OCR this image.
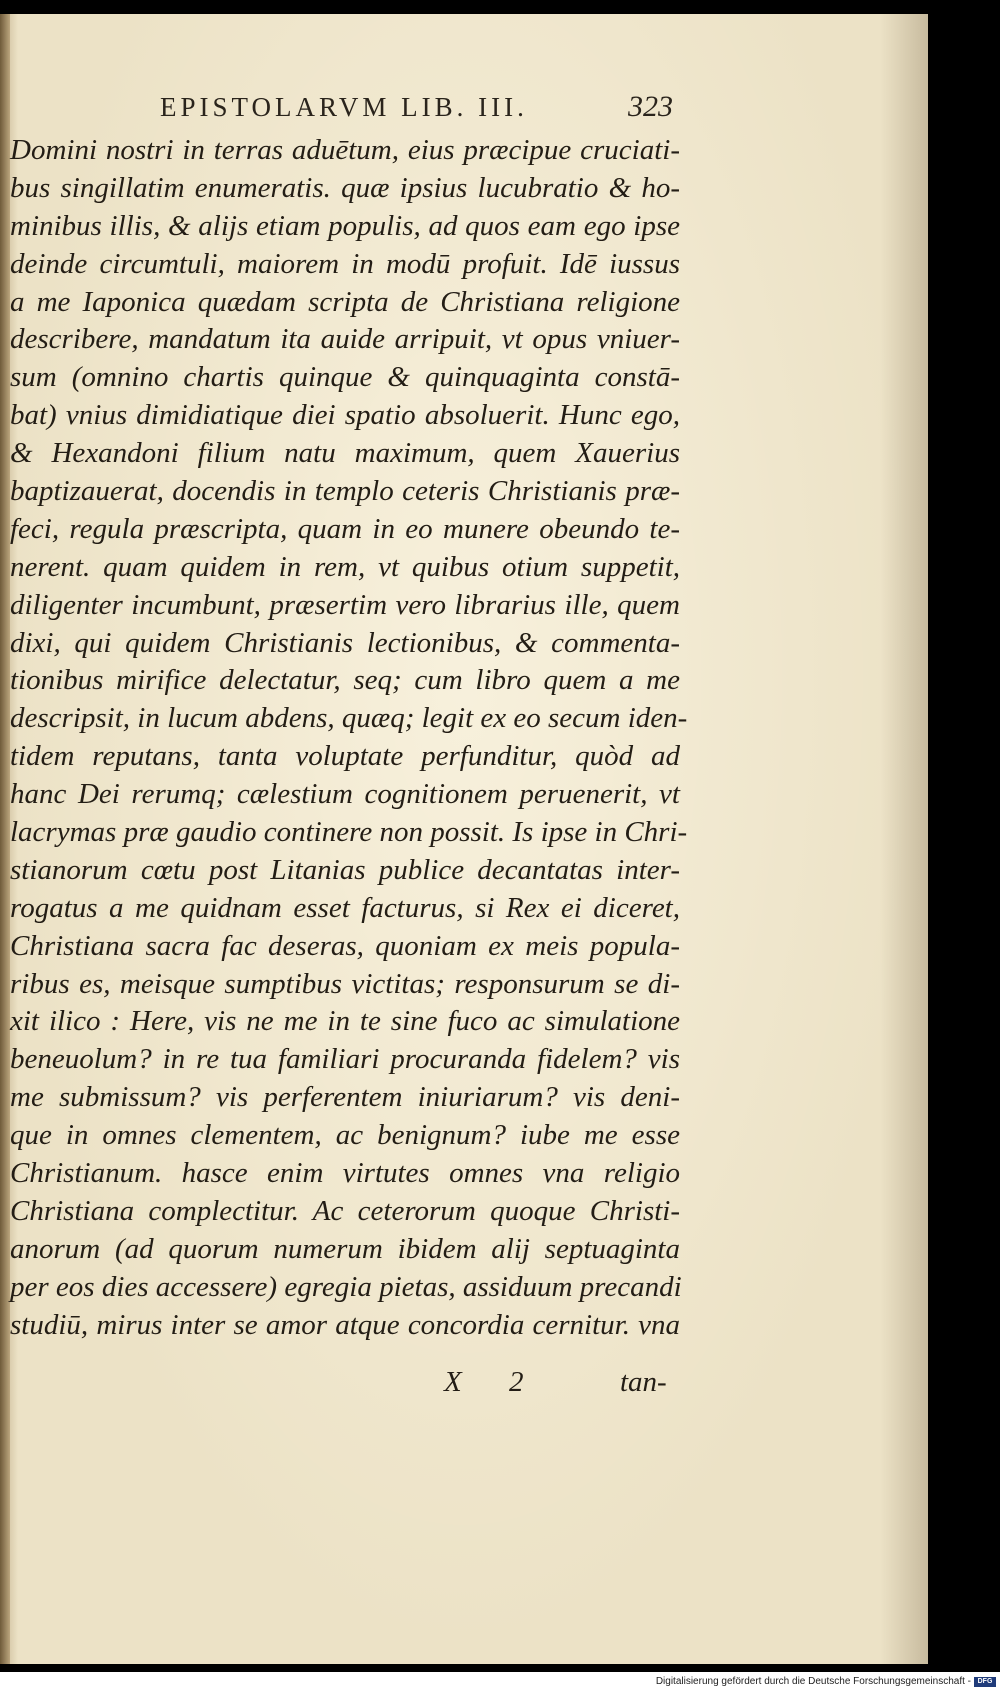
EPISTOLARVM LIB. III.	323
Domini nostri in terras aduētum, eius præcipue cruciati-
bus singillatim enumeratis. quæ ipsius lucubratio & ho-
minibus illis, & alijs etiam populis, ad quos eam ego ipse
deinde circumtuli, maiorem in modū profuit. Idē iussus
a me Iaponica quædam scripta de Christiana religione
describere, mandatum ita auide arripuit, vt opus vniuer-
sum (omnino chartis quinque & quinquaginta constā-
bat) vnius dimidiatique diei spatio absoluerit. Hunc ego,
& Hexandoni filium natu maximum, quem Xauerius
baptizauerat, docendis in templo ceteris Christianis præ-
feci, regula præscripta, quam in eo munere obeundo te-
nerent. quam quidem in rem, vt quibus otium suppetit,
diligenter incumbunt, præsertim vero librarius ille, quem
dixi, qui quidem Christianis lectionibus, & commenta-
tionibus mirifice delectatur, seq; cum libro quem a me
descripsit, in lucum abdens, quæq; legit ex eo secum iden-
tidem reputans, tanta voluptate perfunditur, quòd ad
hanc Dei rerumq; cælestium cognitionem peruenerit, vt
lacrymas præ gaudio continere non possit. Is ipse in Chri-
stianorum cœtu post Litanias publice decantatas inter-
rogatus a me quidnam esset facturus, si Rex ei diceret,
Christiana sacra fac deseras, quoniam ex meis popula-
ribus es, meisque sumptibus victitas; responsurum se di-
xit ilico : Here, vis ne me in te sine fuco ac simulatione
beneuolum? in re tua familiari procuranda fidelem? vis
me submissum? vis perferentem iniuriarum? vis deni-
que in omnes clementem, ac benignum? iube me esse
Christianum. hasce enim virtutes omnes vna religio
Christiana complectitur. Ac ceterorum quoque Christi-
anorum (ad quorum numerum ibidem alij septuaginta
per eos dies accessere) egregia pietas, assiduum precandi
studiū, mirus inter se amor atque concordia cernitur. vna
X 2	tan-
Digitalisierung gefördert durch die Deutsche Forschungsgemeinschaft - DFG
